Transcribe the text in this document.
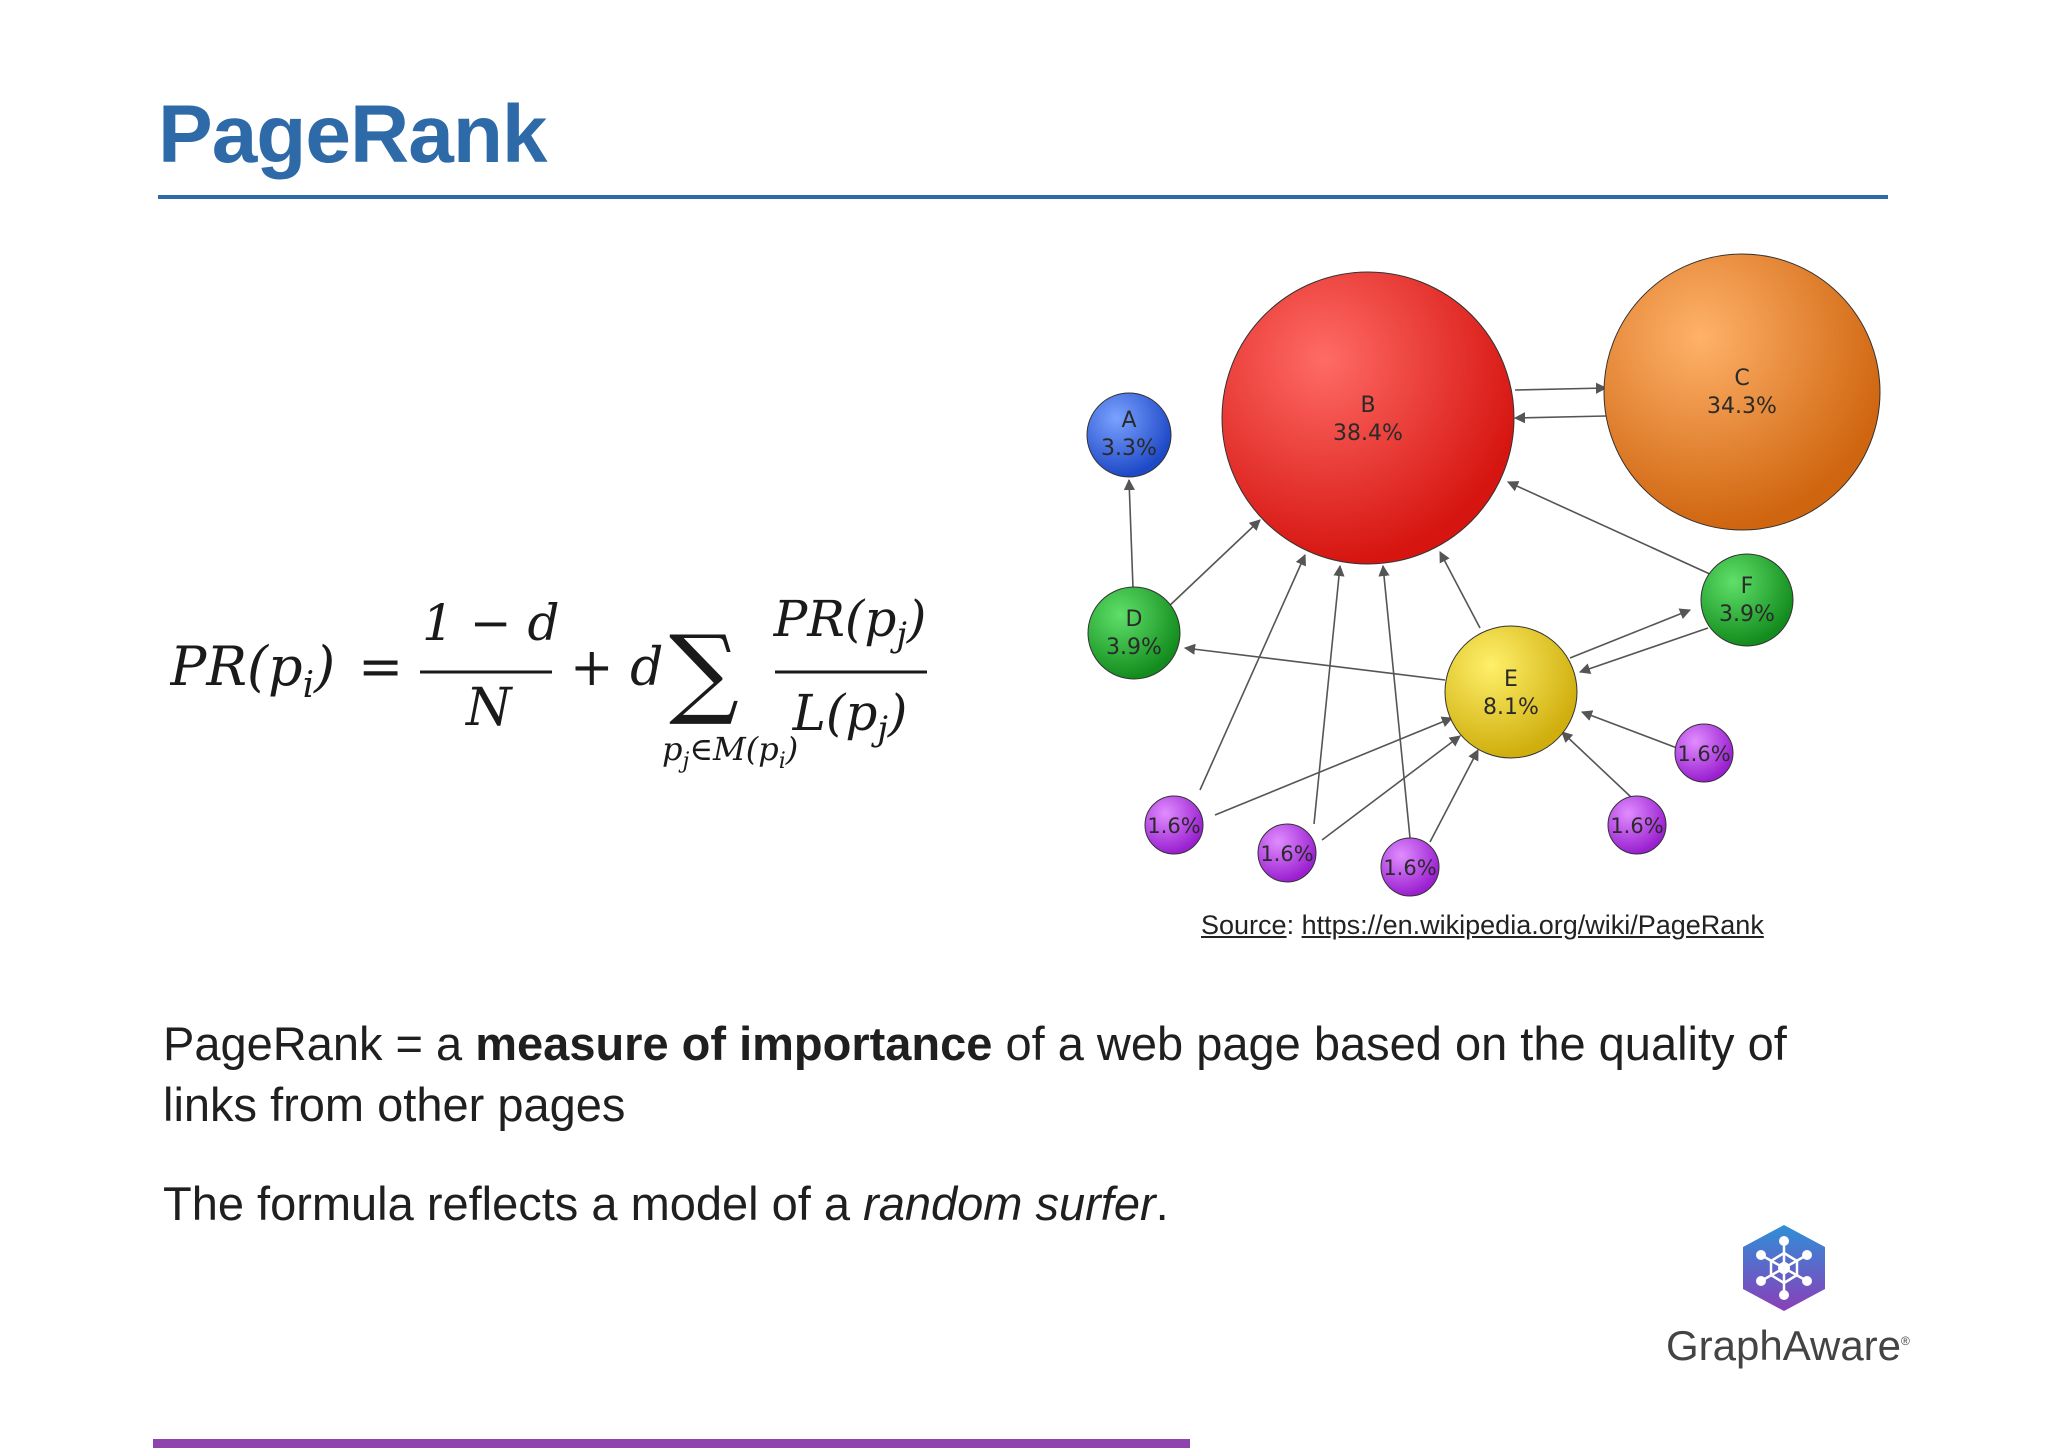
PageRank
$PR(p_i)$ =
1 − d
N
+ d ∑
$p_j\in M(p_i)$
$PR(p_j)$
$L(p_j)$
A
3.3%
B
38.4%
C
34.3%
D
3.9%
E
8.1%
F
3.9%
1.6%
1.6%
1.6%
1.6%
1.6%
Source: https://en.wikipedia.org/wiki/PageRank

PageRank = a measure of importance of a web page based on the quality of links from other pages

The formula reflects a model of a random surfer.

GraphAware®
